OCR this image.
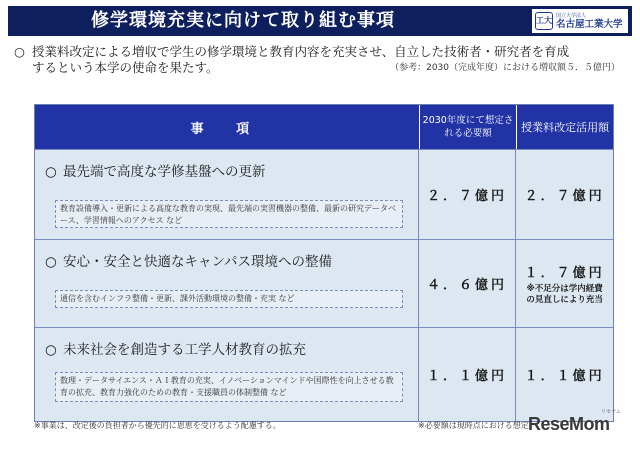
修学環境充実に向けて取り組む事項	工大 国立大学法人
名古屋工業大学
○ 授業料改定による増収で学生の修学環境と教育内容を充実させ、自立した技術者・研究者を育成
するという本学の使命を果たす。	（参考：2030（完成年度）における増収額５．５億円）
事 項
2030年度にて想定される必要額	授業料改定活用額
○ 最先端で高度な学修基盤への更新
教育設備導入・更新による高度な教育の実現、最先端の実習機器の整備、最新の研究データベース、学習情報へのアクセス など
２．７億円 ２．７億円
○ 安心・安全と快適なキャンパス環境への整備
通信を含むインフラ整備・更新、課外活動環境の整備・充実 など
４．６億円
１．７億円
※不足分は学内経費
の見直しにより充当
○ 未来社会を創造する工学人材教育の拡充
数理・データサイエンス・ＡＩ教育の充実、イノベーションマインドや国際性を向上させる教育の拡充、教育力強化のための教育・支援職員の体制整備 など
１．１億円 １．１億円
※事業は、改定後の負担者から優先的に恩恵を受けるよう配慮する。	※必要額は現時点における想定 ReseMom
リセマム
